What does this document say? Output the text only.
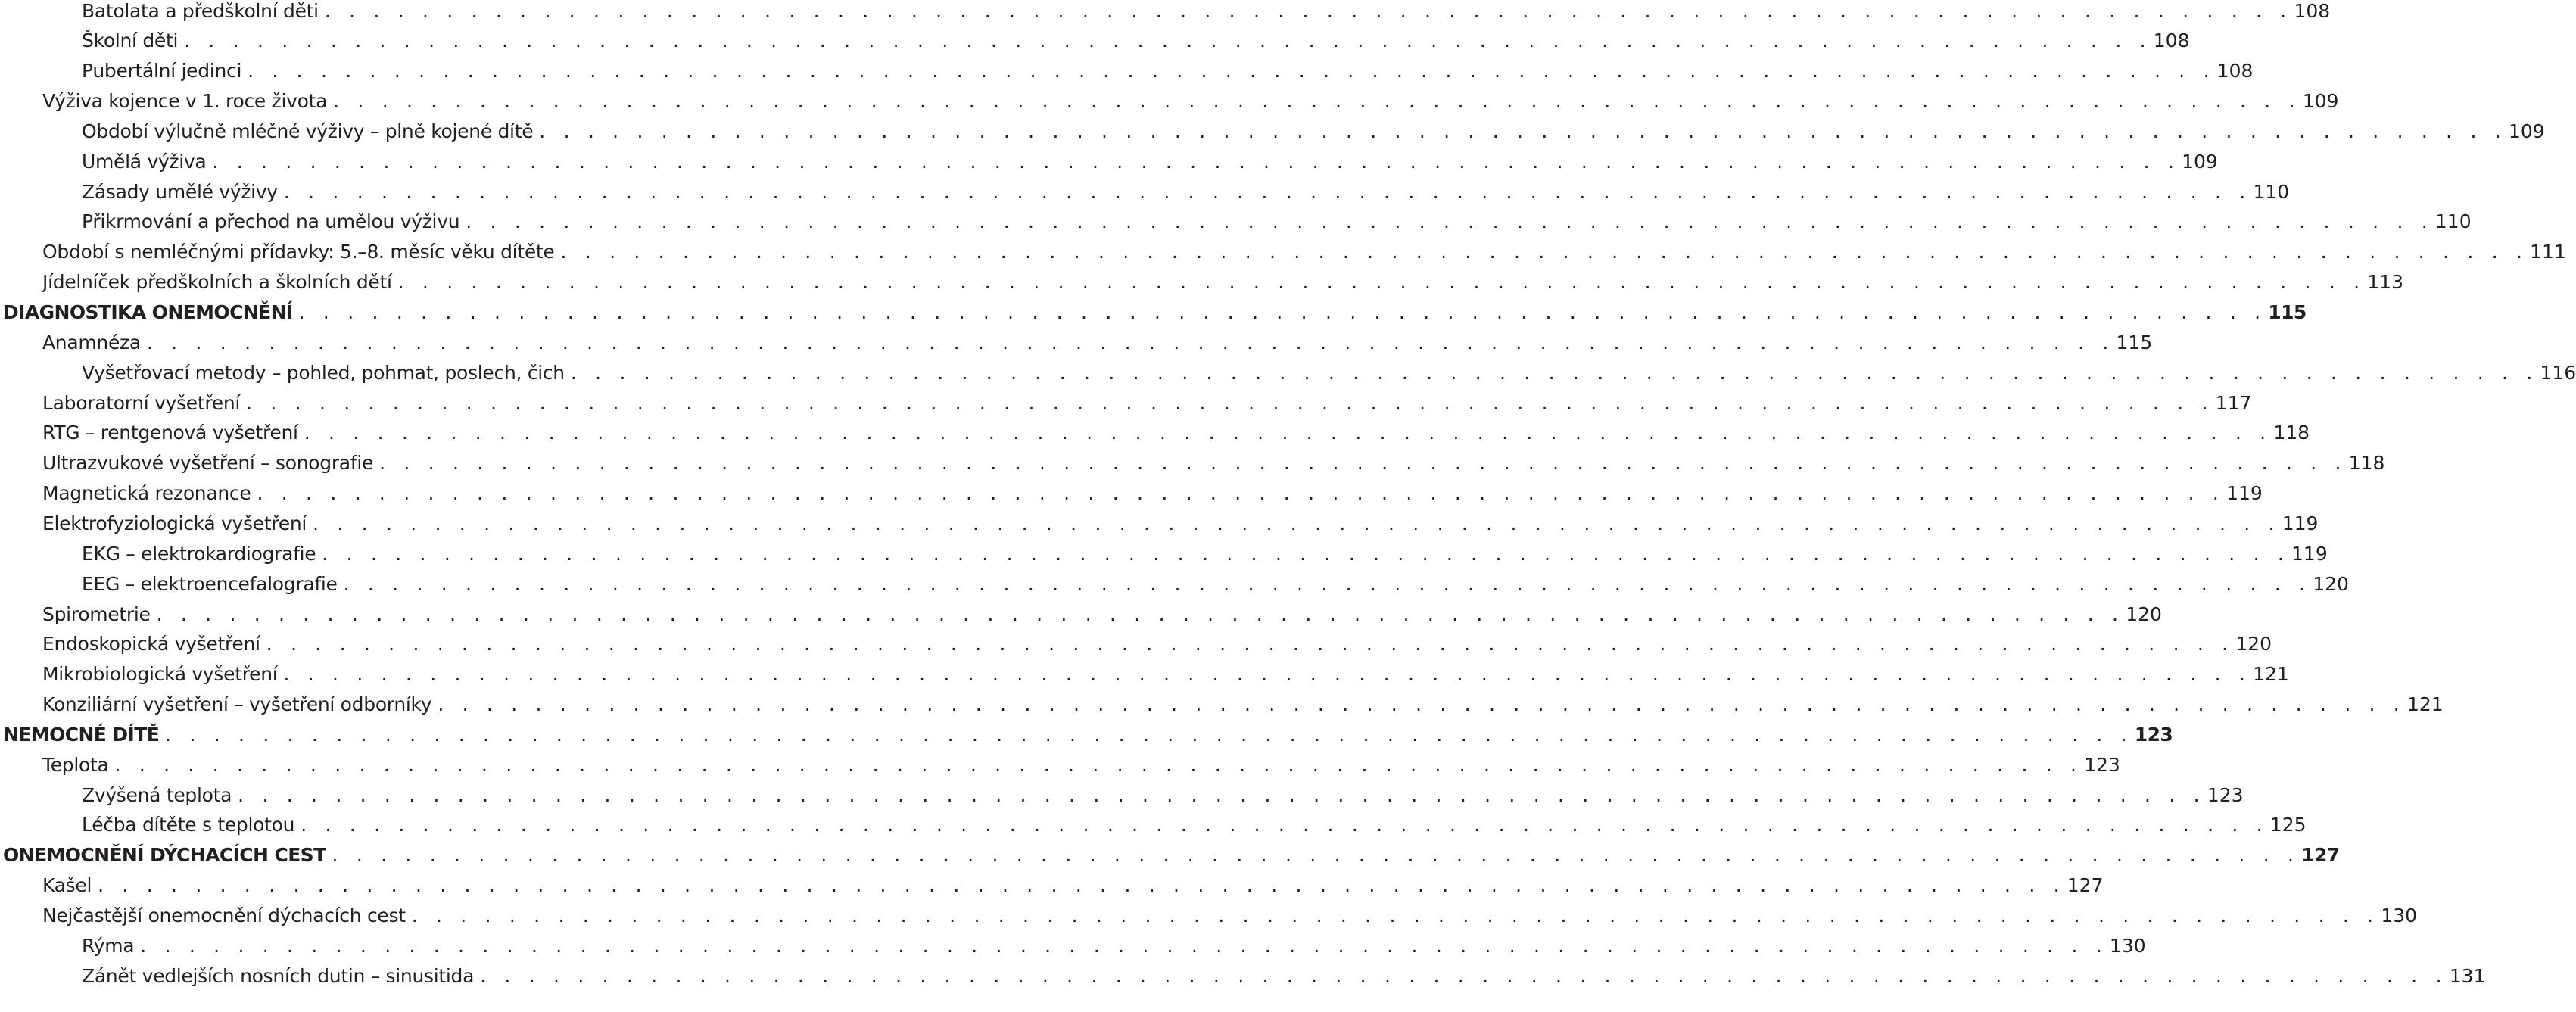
Batolata a předškolní děti . . . . . . . . . . . . . . . . . . . . . . . . . . . . . . . . . . . . . . . . . . . . . . . . . . . . . . . . . . . . . . . . . . . . . . . . . . . . . . . . . 108
Školní děti . . . . . . . . . . . . . . . . . . . . . . . . . . . . . . . . . . . . . . . . . . . . . . . . . . . . . . . . . . . . . . . . . . . . . . . . . . . . . . . . . 108
Pubertální jedinci . . . . . . . . . . . . . . . . . . . . . . . . . . . . . . . . . . . . . . . . . . . . . . . . . . . . . . . . . . . . . . . . . . . . . . . . . . . . . . . . . 108
Výživa kojence v 1. roce života . . . . . . . . . . . . . . . . . . . . . . . . . . . . . . . . . . . . . . . . . . . . . . . . . . . . . . . . . . . . . . . . . . . . . . . . . . . . . . . . . 109
Období výlučně mléčné výživy – plně kojené dítě . . . . . . . . . . . . . . . . . . . . . . . . . . . . . . . . . . . . . . . . . . . . . . . . . . . . . . . . . . . . . . . . . . . . . . . . . . . . . . . . . 109
Umělá výživa . . . . . . . . . . . . . . . . . . . . . . . . . . . . . . . . . . . . . . . . . . . . . . . . . . . . . . . . . . . . . . . . . . . . . . . . . . . . . . . . . 109
Zásady umělé výživy . . . . . . . . . . . . . . . . . . . . . . . . . . . . . . . . . . . . . . . . . . . . . . . . . . . . . . . . . . . . . . . . . . . . . . . . . . . . . . . . . 110
Přikrmování a přechod na umělou výživu . . . . . . . . . . . . . . . . . . . . . . . . . . . . . . . . . . . . . . . . . . . . . . . . . . . . . . . . . . . . . . . . . . . . . . . . . . . . . . . . . 110
Období s nemléčnými přídavky: 5.–8. měsíc věku dítěte . . . . . . . . . . . . . . . . . . . . . . . . . . . . . . . . . . . . . . . . . . . . . . . . . . . . . . . . . . . . . . . . . . . . . . . . . . . . . . . . . 111
Jídelníček předškolních a školních dětí . . . . . . . . . . . . . . . . . . . . . . . . . . . . . . . . . . . . . . . . . . . . . . . . . . . . . . . . . . . . . . . . . . . . . . . . . . . . . . . . . 113
DIAGNOSTIKA ONEMOCNĚNÍ . . . . . . . . . . . . . . . . . . . . . . . . . . . . . . . . . . . . . . . . . . . . . . . . . . . . . . . . . . . . . . . . . . . . . . . . . . . . . . . . . 115
Anamnéza . . . . . . . . . . . . . . . . . . . . . . . . . . . . . . . . . . . . . . . . . . . . . . . . . . . . . . . . . . . . . . . . . . . . . . . . . . . . . . . . . 115
Vyšetřovací metody – pohled, pohmat, poslech, čich . . . . . . . . . . . . . . . . . . . . . . . . . . . . . . . . . . . . . . . . . . . . . . . . . . . . . . . . . . . . . . . . . . . . . . . . . . . . . . . . . 116
Laboratorní vyšetření . . . . . . . . . . . . . . . . . . . . . . . . . . . . . . . . . . . . . . . . . . . . . . . . . . . . . . . . . . . . . . . . . . . . . . . . . . . . . . . . . 117
RTG – rentgenová vyšetření . . . . . . . . . . . . . . . . . . . . . . . . . . . . . . . . . . . . . . . . . . . . . . . . . . . . . . . . . . . . . . . . . . . . . . . . . . . . . . . . . 118
Ultrazvukové vyšetření – sonografie . . . . . . . . . . . . . . . . . . . . . . . . . . . . . . . . . . . . . . . . . . . . . . . . . . . . . . . . . . . . . . . . . . . . . . . . . . . . . . . . . 118
Magnetická rezonance . . . . . . . . . . . . . . . . . . . . . . . . . . . . . . . . . . . . . . . . . . . . . . . . . . . . . . . . . . . . . . . . . . . . . . . . . . . . . . . . . 119
Elektrofyziologická vyšetření . . . . . . . . . . . . . . . . . . . . . . . . . . . . . . . . . . . . . . . . . . . . . . . . . . . . . . . . . . . . . . . . . . . . . . . . . . . . . . . . . 119
EKG – elektrokardiografie . . . . . . . . . . . . . . . . . . . . . . . . . . . . . . . . . . . . . . . . . . . . . . . . . . . . . . . . . . . . . . . . . . . . . . . . . . . . . . . . . 119
EEG – elektroencefalografie . . . . . . . . . . . . . . . . . . . . . . . . . . . . . . . . . . . . . . . . . . . . . . . . . . . . . . . . . . . . . . . . . . . . . . . . . . . . . . . . . 120
Spirometrie . . . . . . . . . . . . . . . . . . . . . . . . . . . . . . . . . . . . . . . . . . . . . . . . . . . . . . . . . . . . . . . . . . . . . . . . . . . . . . . . . 120
Endoskopická vyšetření . . . . . . . . . . . . . . . . . . . . . . . . . . . . . . . . . . . . . . . . . . . . . . . . . . . . . . . . . . . . . . . . . . . . . . . . . . . . . . . . . 120
Mikrobiologická vyšetření . . . . . . . . . . . . . . . . . . . . . . . . . . . . . . . . . . . . . . . . . . . . . . . . . . . . . . . . . . . . . . . . . . . . . . . . . . . . . . . . . 121
Konziliární vyšetření – vyšetření odborníky . . . . . . . . . . . . . . . . . . . . . . . . . . . . . . . . . . . . . . . . . . . . . . . . . . . . . . . . . . . . . . . . . . . . . . . . . . . . . . . . . 121
NEMOCNÉ DÍTĚ . . . . . . . . . . . . . . . . . . . . . . . . . . . . . . . . . . . . . . . . . . . . . . . . . . . . . . . . . . . . . . . . . . . . . . . . . . . . . . . . . 123
Teplota . . . . . . . . . . . . . . . . . . . . . . . . . . . . . . . . . . . . . . . . . . . . . . . . . . . . . . . . . . . . . . . . . . . . . . . . . . . . . . . . . 123
Zvýšená teplota . . . . . . . . . . . . . . . . . . . . . . . . . . . . . . . . . . . . . . . . . . . . . . . . . . . . . . . . . . . . . . . . . . . . . . . . . . . . . . . . . 123
Léčba dítěte s teplotou . . . . . . . . . . . . . . . . . . . . . . . . . . . . . . . . . . . . . . . . . . . . . . . . . . . . . . . . . . . . . . . . . . . . . . . . . . . . . . . . . 125
ONEMOCNĚNÍ DÝCHACÍCH CEST . . . . . . . . . . . . . . . . . . . . . . . . . . . . . . . . . . . . . . . . . . . . . . . . . . . . . . . . . . . . . . . . . . . . . . . . . . . . . . . . . 127
Kašel . . . . . . . . . . . . . . . . . . . . . . . . . . . . . . . . . . . . . . . . . . . . . . . . . . . . . . . . . . . . . . . . . . . . . . . . . . . . . . . . . 127
Nejčastější onemocnění dýchacích cest . . . . . . . . . . . . . . . . . . . . . . . . . . . . . . . . . . . . . . . . . . . . . . . . . . . . . . . . . . . . . . . . . . . . . . . . . . . . . . . . . 130
Rýma . . . . . . . . . . . . . . . . . . . . . . . . . . . . . . . . . . . . . . . . . . . . . . . . . . . . . . . . . . . . . . . . . . . . . . . . . . . . . . . . . 130
Zánět vedlejších nosních dutin – sinusitida . . . . . . . . . . . . . . . . . . . . . . . . . . . . . . . . . . . . . . . . . . . . . . . . . . . . . . . . . . . . . . . . . . . . . . . . . . . . . . . . . 131
